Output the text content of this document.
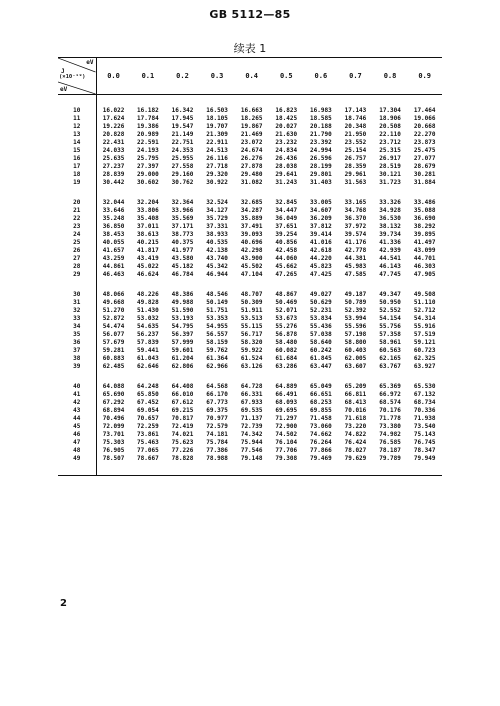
GB 5112—85
续表 1
eV
J
(×10⁻¹⁹)
eV	0.0	0.1	0.2	0.3	0.4	0.5	0.6	0.7	0.8	0.9

10	16.022	16.182	16.342	16.503	16.663	16.823	16.983	17.143	17.304	17.464
11	17.624	17.784	17.945	18.105	18.265	18.425	18.585	18.746	18.906	19.066
12	19.226	19.386	19.547	19.707	19.867	20.027	20.188	20.348	20.508	20.668
13	20.828	20.989	21.149	21.309	21.469	21.630	21.790	21.950	22.110	22.270
14	22.431	22.591	22.751	22.911	23.072	23.232	23.392	23.552	23.712	23.873
15	24.033	24.193	24.353	24.513	24.674	24.834	24.994	25.154	25.315	25.475
16	25.635	25.795	25.955	26.116	26.276	26.436	26.596	26.757	26.917	27.077
17	27.237	27.397	27.558	27.718	27.878	28.038	28.199	28.359	28.519	28.679
18	28.839	29.000	29.160	29.320	29.480	29.641	29.801	29.961	30.121	30.281
19	30.442	30.602	30.762	30.922	31.082	31.243	31.403	31.563	31.723	31.884

20	32.044	32.204	32.364	32.524	32.685	32.845	33.005	33.165	33.326	33.486
21	33.646	33.806	33.966	34.127	34.287	34.447	34.607	34.768	34.928	35.088
22	35.248	35.408	35.569	35.729	35.889	36.049	36.209	36.370	36.530	36.690
23	36.850	37.011	37.171	37.331	37.491	37.651	37.812	37.972	38.132	38.292
24	38.453	38.613	38.773	38.933	39.093	39.254	39.414	39.574	39.734	39.895
25	40.055	40.215	40.375	40.535	40.696	40.856	41.016	41.176	41.336	41.497
26	41.657	41.817	41.977	42.138	42.298	42.458	42.618	42.778	42.939	43.099
27	43.259	43.419	43.580	43.740	43.900	44.060	44.220	44.381	44.541	44.701
28	44.861	45.022	45.182	45.342	45.502	45.662	45.823	45.983	46.143	46.303
29	46.463	46.624	46.784	46.944	47.104	47.265	47.425	47.585	47.745	47.905

30	48.066	48.226	48.386	48.546	48.707	48.867	49.027	49.187	49.347	49.508
31	49.668	49.828	49.988	50.149	50.309	50.469	50.629	50.789	50.950	51.110
32	51.270	51.430	51.590	51.751	51.911	52.071	52.231	52.392	52.552	52.712
33	52.872	53.032	53.193	53.353	53.513	53.673	53.834	53.994	54.154	54.314
34	54.474	54.635	54.795	54.955	55.115	55.276	55.436	55.596	55.756	55.916
35	56.077	56.237	56.397	56.557	56.717	56.878	57.038	57.198	57.358	57.519
36	57.679	57.839	57.999	58.159	58.320	58.480	58.640	58.800	58.961	59.121
37	59.281	59.441	59.601	59.762	59.922	60.082	60.242	60.403	60.563	60.723
38	60.883	61.043	61.204	61.364	61.524	61.684	61.845	62.005	62.165	62.325
39	62.485	62.646	62.806	62.966	63.126	63.286	63.447	63.607	63.767	63.927

40	64.088	64.248	64.408	64.568	64.728	64.889	65.049	65.209	65.369	65.530
41	65.690	65.850	66.010	66.170	66.331	66.491	66.651	66.811	66.972	67.132
42	67.292	67.452	67.612	67.773	67.933	68.093	68.253	68.413	68.574	68.734
43	68.894	69.054	69.215	69.375	69.535	69.695	69.855	70.016	70.176	70.336
44	70.496	70.657	70.817	70.977	71.137	71.297	71.458	71.618	71.778	71.938
45	72.099	72.259	72.419	72.579	72.739	72.900	73.060	73.220	73.380	73.540
46	73.701	73.861	74.021	74.181	74.342	74.502	74.662	74.822	74.982	75.143
47	75.303	75.463	75.623	75.784	75.944	76.104	76.264	76.424	76.585	76.745
48	76.905	77.065	77.226	77.386	77.546	77.706	77.866	78.027	78.187	78.347
49	78.507	78.667	78.828	78.988	79.148	79.308	79.469	79.629	79.789	79.949

2
